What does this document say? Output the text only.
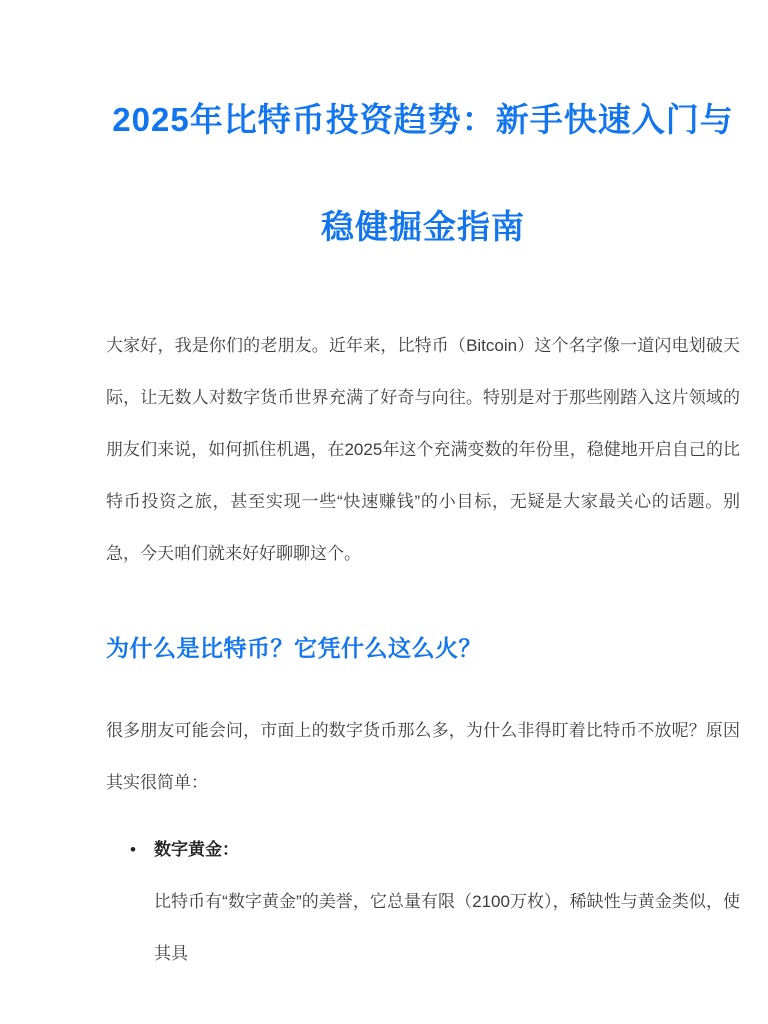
2025年比特币投资趋势：新手快速入门与
稳健掘金指南

大家好，我是你们的老朋友。近年来，比特币（Bitcoin）这个名字像一道闪电划破天际，让无数人对数字货币世界充满了好奇与向往。特别是对于那些刚踏入这片领域的朋友们来说，如何抓住机遇，在2025年这个充满变数的年份里，稳健地开启自己的比特币投资之旅，甚至实现一些“快速赚钱”的小目标，无疑是大家最关心的话题。别急，今天咱们就来好好聊聊这个。

为什么是比特币？它凭什么这么火？

很多朋友可能会问，市面上的数字货币那么多，为什么非得盯着比特币不放呢？原因其实很简单：

• 数字黄金：

比特币有“数字黄金”的美誉，它总量有限（2100万枚），稀缺性与黄金类似，使其具
